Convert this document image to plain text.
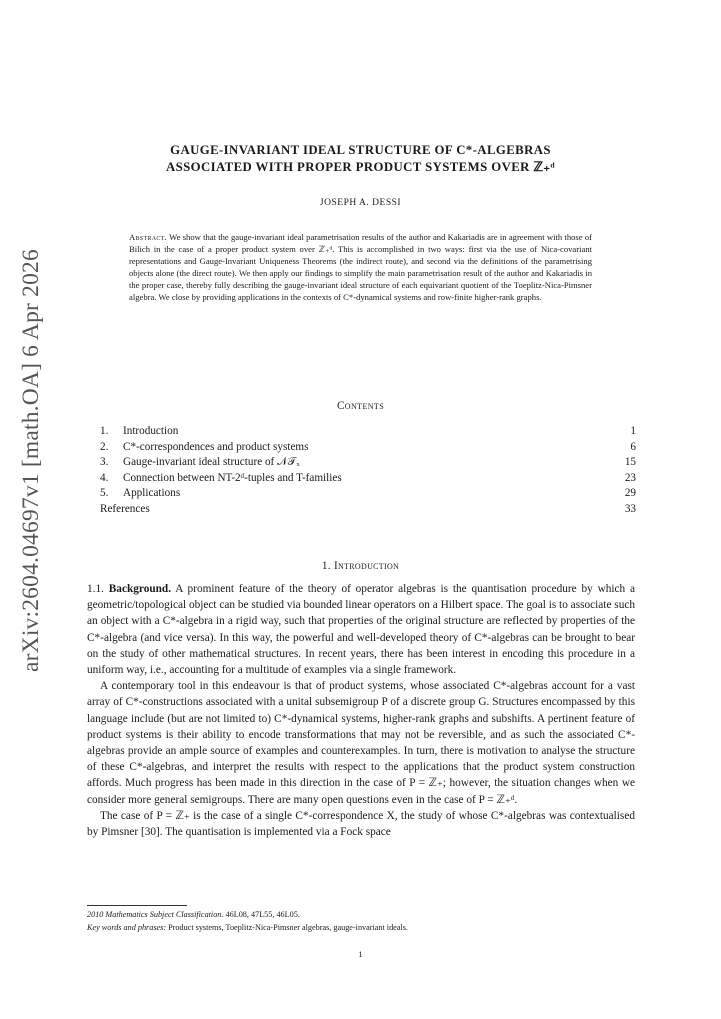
arXiv:2604.04697v1 [math.OA] 6 Apr 2026
GAUGE-INVARIANT IDEAL STRUCTURE OF C*-ALGEBRAS
ASSOCIATED WITH PROPER PRODUCT SYSTEMS OVER ℤ₊ᵈ
JOSEPH A. DESSI
Abstract. We show that the gauge-invariant ideal parametrisation results of the author and Kakariadis are in agreement with those of Bilich in the case of a proper product system over ℤ₊ᵈ. This is accomplished in two ways: first via the use of Nica-covariant representations and Gauge-Invariant Uniqueness Theorems (the indirect route), and second via the definitions of the parametrising objects alone (the direct route). We then apply our findings to simplify the main parametrisation result of the author and Kakariadis in the proper case, thereby fully describing the gauge-invariant ideal structure of each equivariant quotient of the Toeplitz-Nica-Pimsner algebra. We close by providing applications in the contexts of C*-dynamical systems and row-finite higher-rank graphs.
Contents
1. Introduction	1
2. C*-correspondences and product systems	6
3. Gauge-invariant ideal structure of 𝒩𝒯ₓ	15
4. Connection between NT-2ᵈ-tuples and T-families	23
5. Applications	29
References	33
1. Introduction

1.1. Background. A prominent feature of the theory of operator algebras is the quantisation procedure by which a geometric/topological object can be studied via bounded linear operators on a Hilbert space. The goal is to associate such an object with a C*-algebra in a rigid way, such that properties of the original structure are reflected by properties of the C*-algebra (and vice versa). In this way, the powerful and well-developed theory of C*-algebras can be brought to bear on the study of other mathematical structures. In recent years, there has been interest in encoding this procedure in a uniform way, i.e., accounting for a multitude of examples via a single framework.

A contemporary tool in this endeavour is that of product systems, whose associated C*-algebras account for a vast array of C*-constructions associated with a unital subsemigroup P of a discrete group G. Structures encompassed by this language include (but are not limited to) C*-dynamical systems, higher-rank graphs and subshifts. A pertinent feature of product systems is their ability to encode transformations that may not be reversible, and as such the associated C*-algebras provide an ample source of examples and counterexamples. In turn, there is motivation to analyse the structure of these C*-algebras, and interpret the results with respect to the applications that the product system construction affords. Much progress has been made in this direction in the case of P = ℤ₊; however, the situation changes when we consider more general semigroups. There are many open questions even in the case of P = ℤ₊ᵈ.

The case of P = ℤ₊ is the case of a single C*-correspondence X, the study of whose C*-algebras was contextualised by Pimsner [30]. The quantisation is implemented via a Fock space

2010 Mathematics Subject Classification. 46L08, 47L55, 46L05.
Key words and phrases: Product systems, Toeplitz-Nica-Pimsner algebras, gauge-invariant ideals.
1
